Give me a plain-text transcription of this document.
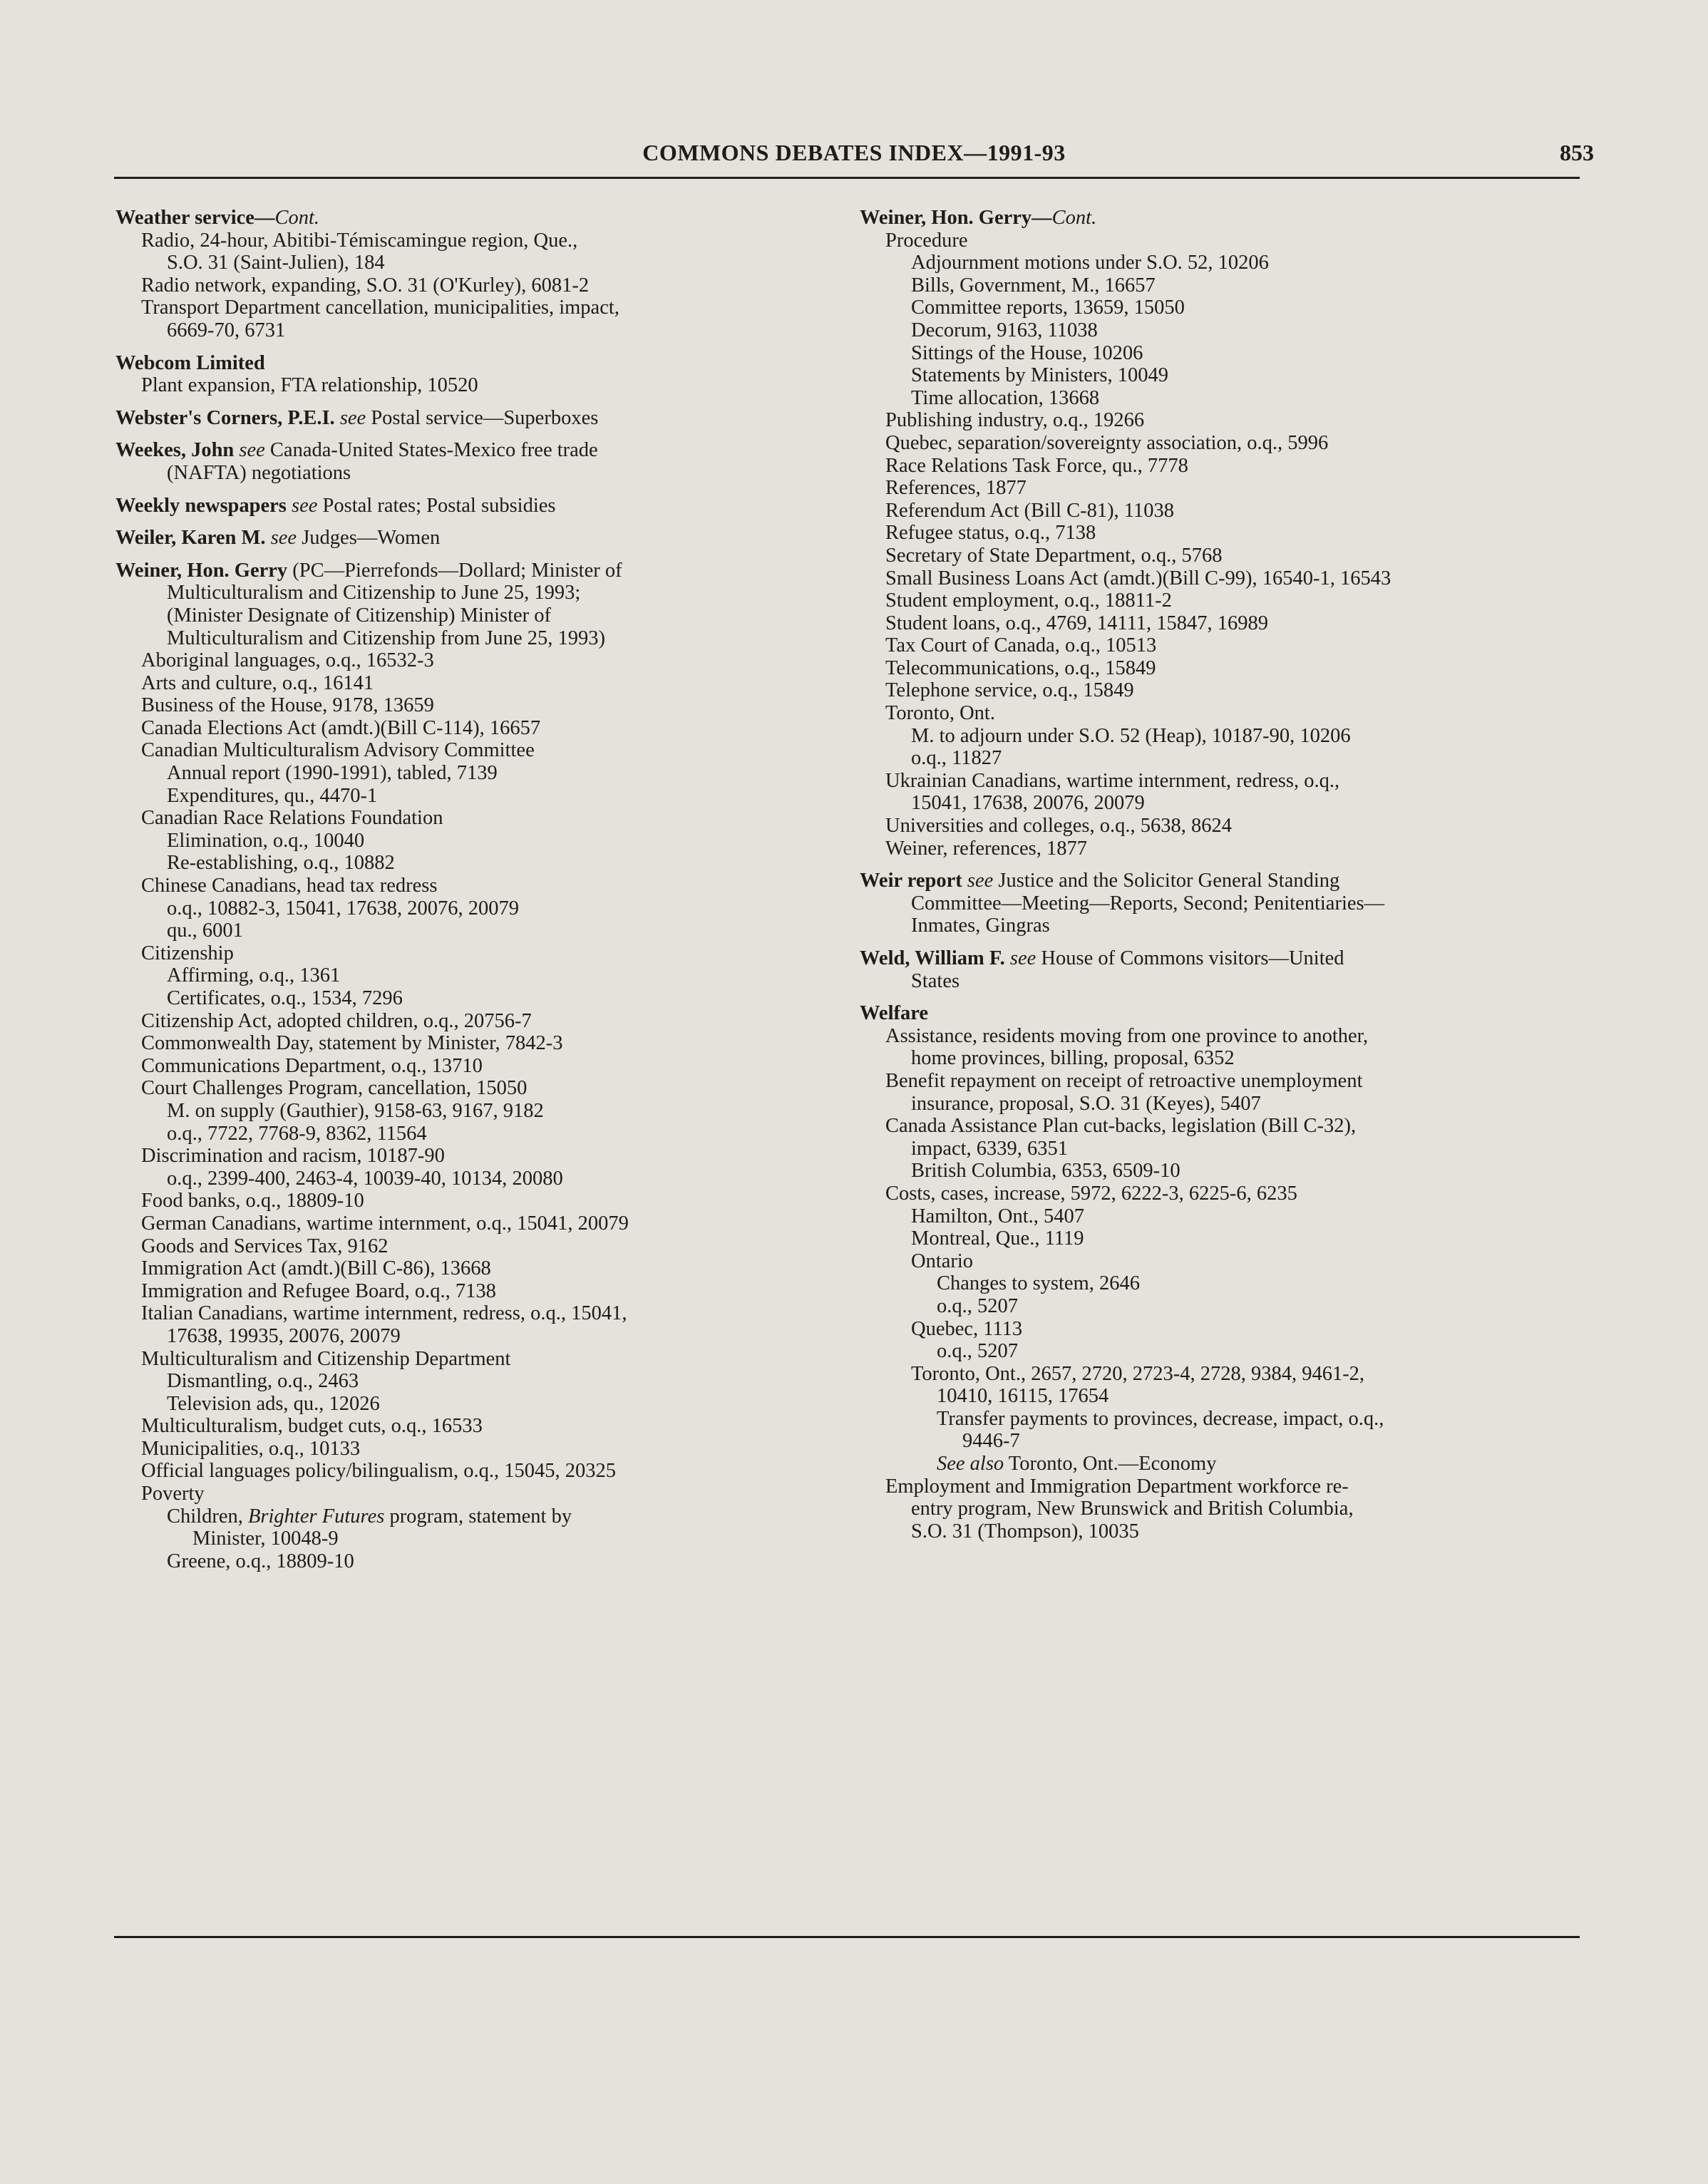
COMMONS DEBATES INDEX—1991-93	853
Weather service—Cont.
Radio, 24-hour, Abitibi-Témiscamingue region, Que.,
S.O. 31 (Saint-Julien), 184
Radio network, expanding, S.O. 31 (O'Kurley), 6081-2
Transport Department cancellation, municipalities, impact,
6669-70, 6731
Webcom Limited
Plant expansion, FTA relationship, 10520
Webster's Corners, P.E.I. see Postal service—Superboxes
Weekes, John see Canada-United States-Mexico free trade
(NAFTA) negotiations
Weekly newspapers see Postal rates; Postal subsidies
Weiler, Karen M. see Judges—Women
Weiner, Hon. Gerry (PC—Pierrefonds—Dollard; Minister of
Multiculturalism and Citizenship to June 25, 1993;
(Minister Designate of Citizenship) Minister of
Multiculturalism and Citizenship from June 25, 1993)
Aboriginal languages, o.q., 16532-3
Arts and culture, o.q., 16141
Business of the House, 9178, 13659
Canada Elections Act (amdt.)(Bill C-114), 16657
Canadian Multiculturalism Advisory Committee
Annual report (1990-1991), tabled, 7139
Expenditures, qu., 4470-1
Canadian Race Relations Foundation
Elimination, o.q., 10040
Re-establishing, o.q., 10882
Chinese Canadians, head tax redress
o.q., 10882-3, 15041, 17638, 20076, 20079
qu., 6001
Citizenship
Affirming, o.q., 1361
Certificates, o.q., 1534, 7296
Citizenship Act, adopted children, o.q., 20756-7
Commonwealth Day, statement by Minister, 7842-3
Communications Department, o.q., 13710
Court Challenges Program, cancellation, 15050
M. on supply (Gauthier), 9158-63, 9167, 9182
o.q., 7722, 7768-9, 8362, 11564
Discrimination and racism, 10187-90
o.q., 2399-400, 2463-4, 10039-40, 10134, 20080
Food banks, o.q., 18809-10
German Canadians, wartime internment, o.q., 15041, 20079
Goods and Services Tax, 9162
Immigration Act (amdt.)(Bill C-86), 13668
Immigration and Refugee Board, o.q., 7138
Italian Canadians, wartime internment, redress, o.q., 15041,
17638, 19935, 20076, 20079
Multiculturalism and Citizenship Department
Dismantling, o.q., 2463
Television ads, qu., 12026
Multiculturalism, budget cuts, o.q., 16533
Municipalities, o.q., 10133
Official languages policy/bilingualism, o.q., 15045, 20325
Poverty
Children, Brighter Futures program, statement by
Minister, 10048-9
Greene, o.q., 18809-10
Weiner, Hon. Gerry—Cont.
Procedure
Adjournment motions under S.O. 52, 10206
Bills, Government, M., 16657
Committee reports, 13659, 15050
Decorum, 9163, 11038
Sittings of the House, 10206
Statements by Ministers, 10049
Time allocation, 13668
Publishing industry, o.q., 19266
Quebec, separation/sovereignty association, o.q., 5996
Race Relations Task Force, qu., 7778
References, 1877
Referendum Act (Bill C-81), 11038
Refugee status, o.q., 7138
Secretary of State Department, o.q., 5768
Small Business Loans Act (amdt.)(Bill C-99), 16540-1, 16543
Student employment, o.q., 18811-2
Student loans, o.q., 4769, 14111, 15847, 16989
Tax Court of Canada, o.q., 10513
Telecommunications, o.q., 15849
Telephone service, o.q., 15849
Toronto, Ont.
M. to adjourn under S.O. 52 (Heap), 10187-90, 10206
o.q., 11827
Ukrainian Canadians, wartime internment, redress, o.q.,
15041, 17638, 20076, 20079
Universities and colleges, o.q., 5638, 8624
Weiner, references, 1877
Weir report see Justice and the Solicitor General Standing
Committee—Meeting—Reports, Second; Penitentiaries—
Inmates, Gingras
Weld, William F. see House of Commons visitors—United
States
Welfare
Assistance, residents moving from one province to another,
home provinces, billing, proposal, 6352
Benefit repayment on receipt of retroactive unemployment
insurance, proposal, S.O. 31 (Keyes), 5407
Canada Assistance Plan cut-backs, legislation (Bill C-32),
impact, 6339, 6351
British Columbia, 6353, 6509-10
Costs, cases, increase, 5972, 6222-3, 6225-6, 6235
Hamilton, Ont., 5407
Montreal, Que., 1119
Ontario
Changes to system, 2646
o.q., 5207
Quebec, 1113
o.q., 5207
Toronto, Ont., 2657, 2720, 2723-4, 2728, 9384, 9461-2,
10410, 16115, 17654
Transfer payments to provinces, decrease, impact, o.q.,
9446-7
See also Toronto, Ont.—Economy
Employment and Immigration Department workforce re-
entry program, New Brunswick and British Columbia,
S.O. 31 (Thompson), 10035
